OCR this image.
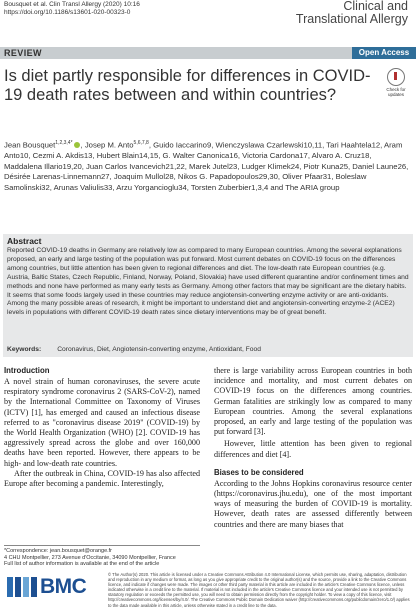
Bousquet et al. Clin Transl Allergy (2020) 10:16
https://doi.org/10.1186/s13601-020-00323-0	Clinical and
Translational Allergy
REVIEW	Open Access
Is diet partly responsible for differences in COVID-19 death rates between and within countries?	Check for updates

Jean Bousquet$^{1,2,3,4*}$ , Josep M. Anto$^{5,6,7,8}$, Guido Iaccarino9, Wienczyslawa Czarlewski10,11, Tari Haahtela12, Aram Anto10, Cezmi A. Akdis13, Hubert Blain14,15, G. Walter Canonica16, Victoria Cardona17, Alvaro A. Cruz18, Maddalena Illario19,20, Juan Carlos Ivancevich21,22, Marek Jutel23, Ludger Klimek24, Piotr Kuna25, Daniel Laune26, Désirée Larenas-Linnemann27, Joaquim Mullol28, Nikos G. Papadopoulos29,30, Oliver Pfaar31, Boleslaw Samolinski32, Arunas Valiulis33, Arzu Yorgancioglu34, Torsten Zuberbier1,3,4 and The ARIA group

Abstract

Reported COVID-19 deaths in Germany are relatively low as compared to many European countries. Among the several explanations proposed, an early and large testing of the population was put forward. Most current debates on COVID-19 focus on the differences among countries, but little attention has been given to regional differences and diet. The low-death rate European countries (e.g. Austria, Baltic States, Czech Republic, Finland, Norway, Poland, Slovakia) have used different quarantine and/or confinement times and methods and none have performed as many early tests as Germany. Among other factors that may be significant are the dietary habits. It seems that some foods largely used in these countries may reduce angiotensin-converting enzyme activity or are anti-oxidants. Among the many possible areas of research, it might be important to understand diet and angiotensin-converting enzyme-2 (ACE2) levels in populations with different COVID-19 death rates since dietary interventions may be of great benefit.

Keywords: Coronavirus, Diet, Angiotensin-converting enzyme, Antioxidant, Food

Introduction

A novel strain of human coronaviruses, the severe acute respiratory syndrome coronavirus 2 (SARS-CoV-2), named by the International Committee on Taxonomy of Viruses (ICTV) [1], has emerged and caused an infectious disease referred to as "coronavirus disease 2019" (COVID-19) by the World Health Organization (WHO) [2]. COVID-19 has aggressively spread across the globe and over 160,000 deaths have been reported. However, there appears to be high- and low-death rate countries.

After the outbreak in China, COVID-19 has also affected Europe after becoming a pandemic. Interestingly,

there is large variability across European countries in both incidence and mortality, and most current debates on COVID-19 focus on the differences among countries. German fatalities are strikingly low as compared to many European countries. Among the several explanations proposed, an early and large testing of the population was put forward [3].

However, little attention has been given to regional differences and diet [4].

Biases to be considered

According to the Johns Hopkins coronavirus resource center (https://coronavirus.jhu.edu), one of the most important ways of measuring the burden of COVID-19 is mortality. However, death rates are assessed differently between countries and there are many biases that

*Correspondence: jean.bousquet@orange.fr
4 CHU Montpellier, 273 Avenue d'Occitanie, 34090 Montpellier, France
Full list of author information is available at the end of the article
BMC

© The Author(s) 2020. This article is licensed under a Creative Commons Attribution 4.0 International License, which permits use, sharing, adaptation, distribution and reproduction in any medium or format, as long as you give appropriate credit to the original author(s) and the source, provide a link to the Creative Commons licence, and indicate if changes were made. The images or other third party material in this article are included in the article's Creative Commons licence, unless indicated otherwise in a credit line to the material. If material is not included in the article's Creative Commons licence and your intended use is not permitted by statutory regulation or exceeds the permitted use, you will need to obtain permission directly from the copyright holder. To view a copy of this licence, visit http://creativecommons.org/licenses/by/4.0/. The Creative Commons Public Domain Dedication waiver (http://creativecommons.org/publicdomain/zero/1.0/) applies to the data made available in this article, unless otherwise stated in a credit line to the data.
